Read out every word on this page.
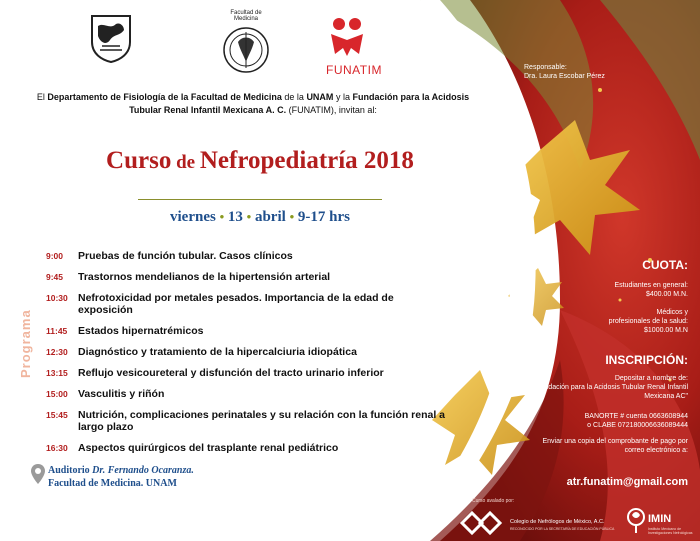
Facultad de Medicina
FUNATIM
El Departamento de Fisiología de la Facultad de Medicina de la UNAM y la Fundación para la Acidosis Tubular Renal Infantil Mexicana A. C. (FUNATIM), invitan al:
Curso de Nefropediatría 2018
viernes • 13 • abril • 9-17 hrs
Programa
9:00	Pruebas de función tubular. Casos clínicos
9:45	Trastornos mendelianos de la hipertensión arterial
10:30 Nefrotoxicidad por metales pesados. Importancia de la edad de exposición
11:45	Estados hipernatrémicos
12:30 Diagnóstico y tratamiento de la hipercalciuria idiopática
13:15 Reflujo vesicoureteral y disfunción del tracto urinario inferior
15:00 Vasculitis y riñón
15:45 Nutrición, complicaciones perinatales y su relación con la función renal a largo plazo
16:30 Aspectos quirúrgicos del trasplante renal pediátrico
Auditorio Dr. Fernando Ocaranza.
Facultad de Medicina. UNAM
Responsable:
Dra. Laura Escobar Pérez
CUOTA:
Estudiantes en general:
$400.00 M.N.
Médicos y
profesionales de la salud:
$1000.00 M.N
INSCRIPCIÓN:
Depositar a nombre de:
"Fundación para la Acidosis Tubular Renal Infantil Mexicana AC"
BANORTE # cuenta 0663608944
o CLABE 072180006636089444
Enviar una copia del comprobante de pago por correo electrónico a:
atr.funatim@gmail.com
Curso avalado por:
Colegio de Nefrólogos de México, A.C.
RECONOCIDO POR LA SECRETARÍA DE EDUCACIÓN PÚBLICA
IMIN
Instituto Mexicano de Investigaciones Nefrológicas
